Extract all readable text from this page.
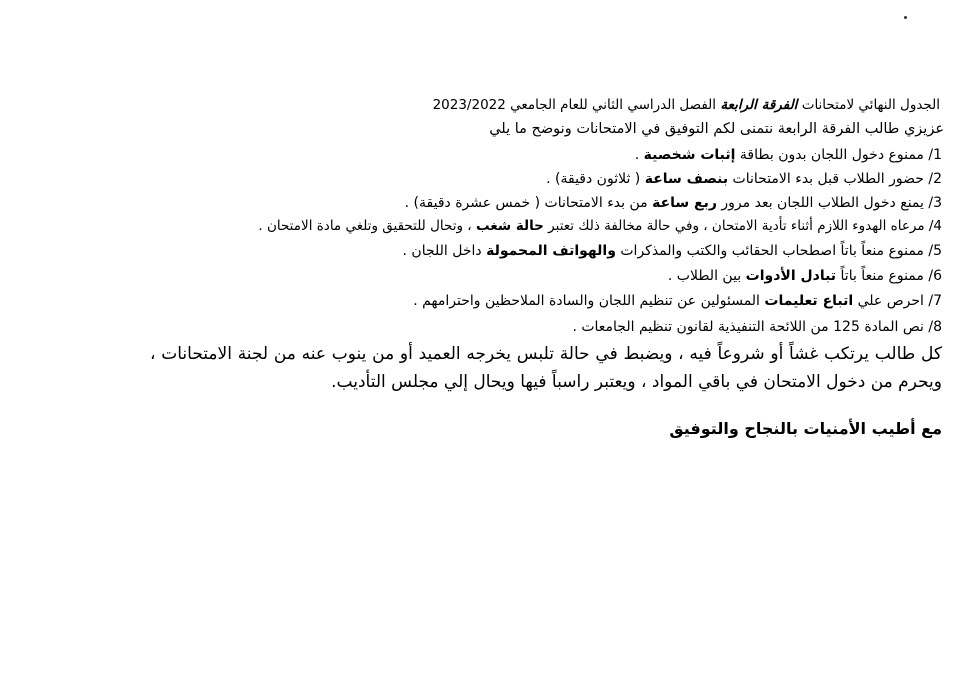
الجدول النهائي لامتحانات الفرقة الرابعة الفصل الدراسي الثاني للعام الجامعي 2023/2022
عزيزي طالب الفرقة الرابعة نتمنى لكم التوفيق في الامتحانات ونوضح ما يلي
1/ ممنوع دخول اللجان بدون بطاقة إثبات شخصية .
2/ حضور الطلاب قبل بدء الامتحانات بنصف ساعة ( ثلاثون دقيقة) .
3/ يمنع دخول الطلاب اللجان بعد مرور ربع ساعة من بدء الامتحانات ( خمس عشرة دقيقة) .
4/ مرعاه الهدوء اللازم أثناء تأدية الامتحان ، وفي حالة مخالفة ذلك تعتبر حالة شغب ، وتحال للتحقيق وتلغي مادة الامتحان .
5/ ممنوع منعاً باتاً اصطحاب الحقائب والكتب والمذكرات والهواتف المحمولة داخل اللجان .
6/ ممنوع منعاً باتاً تبادل الأدوات بين الطلاب .
7/ احرص علي اتباع تعليمات المسئولين عن تنظيم اللجان والسادة الملاحظين واحترامهم .
8/ نص المادة 125 من اللائحة التنفيذية لقانون تنظيم الجامعات .
كل طالب يرتكب غشاً أو شروعاً فيه ، ويضبط في حالة تلبس يخرجه العميد أو من ينوب عنه من لجنة الامتحانات ، ويحرم من دخول الامتحان في باقي المواد ، ويعتبر راسباً فيها ويحال إلي مجلس التأديب.
مع أطيب الأمنيات بالنجاح والتوفيق
